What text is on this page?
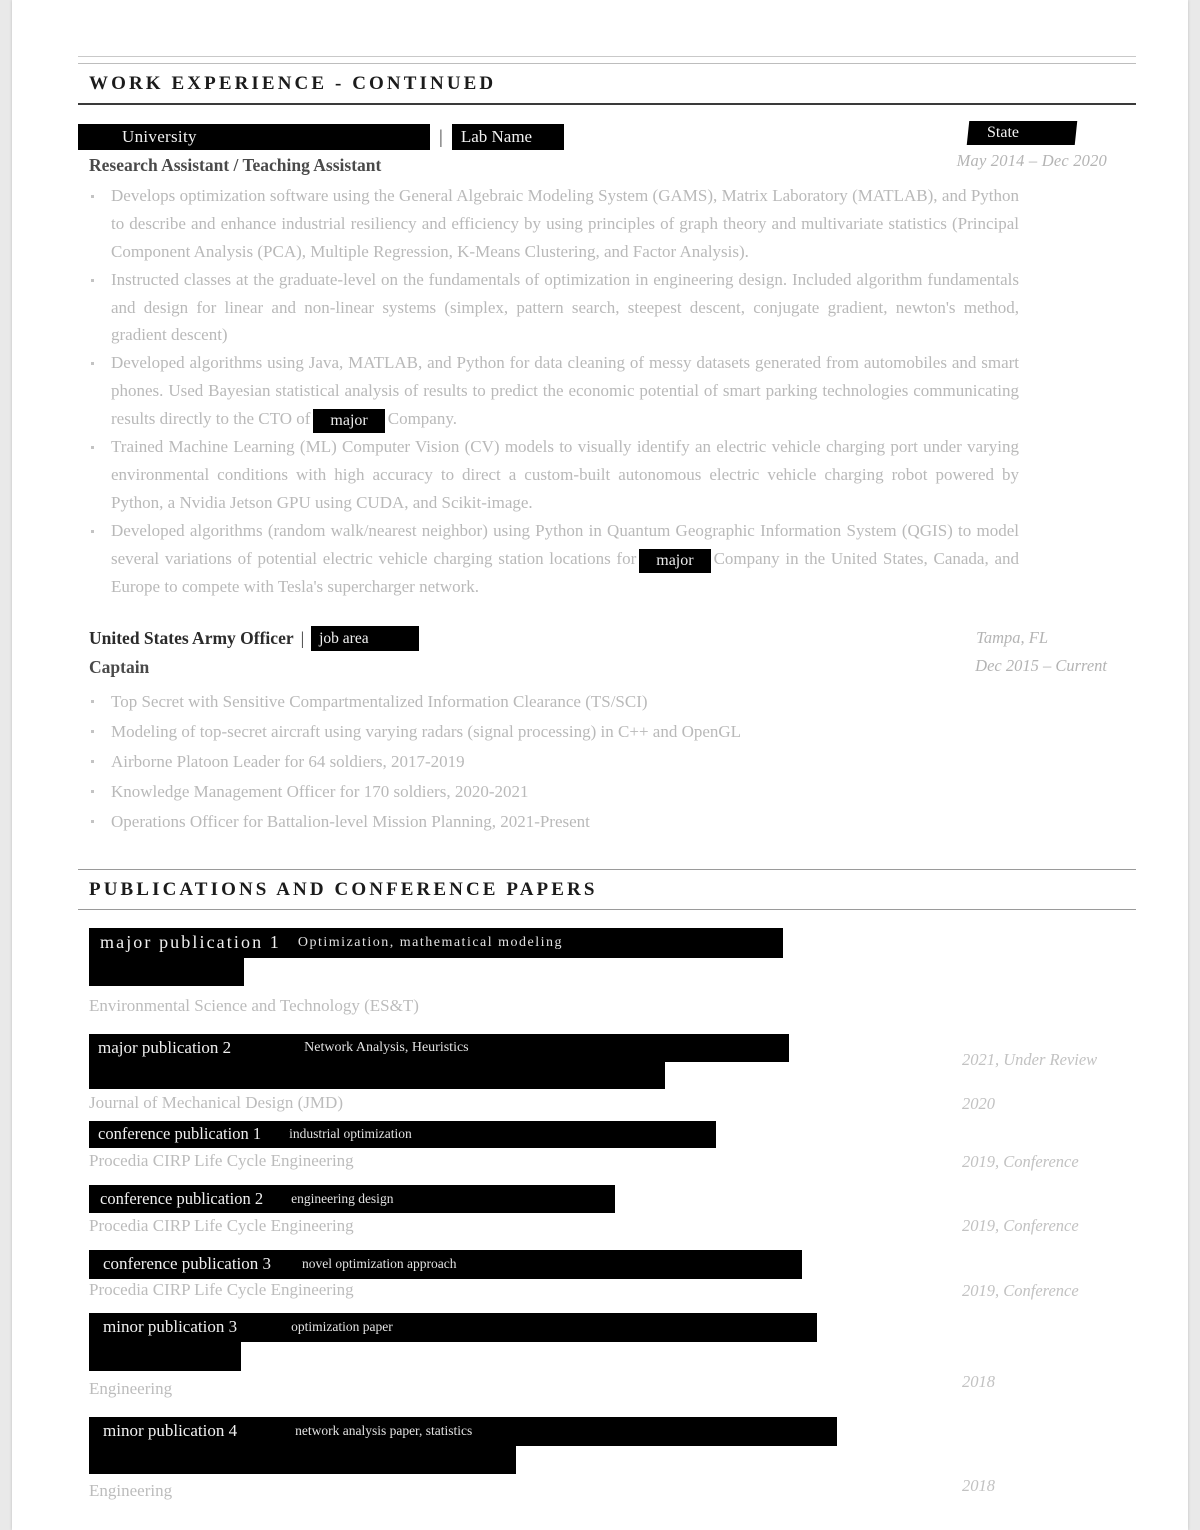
WORK EXPERIENCE - CONTINUED
University	|	Lab Name	State
Research Assistant / Teaching Assistant	May 2014 – Dec 2020
Develops optimization software using the General Algebraic Modeling System (GAMS), Matrix Laboratory (MATLAB), and Python to describe and enhance industrial resiliency and efficiency by using principles of graph theory and multivariate statistics (Principal Component Analysis (PCA), Multiple Regression, K-Means Clustering, and Factor Analysis).
Instructed classes at the graduate-level on the fundamentals of optimization in engineering design. Included algorithm fundamentals and design for linear and non-linear systems (simplex, pattern search, steepest descent, conjugate gradient, newton's method, gradient descent)
Developed algorithms using Java, MATLAB, and Python for data cleaning of messy datasets generated from automobiles and smart phones. Used Bayesian statistical analysis of results to predict the economic potential of smart parking technologies communicating results directly to the CTO of major Company.
Trained Machine Learning (ML) Computer Vision (CV) models to visually identify an electric vehicle charging port under varying environmental conditions with high accuracy to direct a custom-built autonomous electric vehicle charging robot powered by Python, a Nvidia Jetson GPU using CUDA, and Scikit-image.
Developed algorithms (random walk/nearest neighbor) using Python in Quantum Geographic Information System (QGIS) to model several variations of potential electric vehicle charging station locations for major Company in the United States, Canada, and Europe to compete with Tesla's supercharger network.
United States Army Officer | job area
Captain
Tampa, FL
Dec 2015 – Current
Top Secret with Sensitive Compartmentalized Information Clearance (TS/SCI)
Modeling of top-secret aircraft using varying radars (signal processing) in C++ and OpenGL
Airborne Platoon Leader for 64 soldiers, 2017-2019
Knowledge Management Officer for 170 soldiers, 2020-2021
Operations Officer for Battalion-level Mission Planning, 2021-Present
PUBLICATIONS AND CONFERENCE PAPERS
major publication 1	Optimization, mathematical modeling
Environmental Science and Technology (ES&T)
2021, Under Review
major publication 2	Network Analysis, Heuristics
Journal of Mechanical Design (JMD)	2020
conference publication 1	industrial optimization
Procedia CIRP Life Cycle Engineering	2019, Conference
conference publication 2	engineering design
Procedia CIRP Life Cycle Engineering	2019, Conference
conference publication 3	novel optimization approach
Procedia CIRP Life Cycle Engineering	2019, Conference
minor publication 3	optimization paper
Engineering	2018
minor publication 4	network analysis paper, statistics
Engineering	2018
